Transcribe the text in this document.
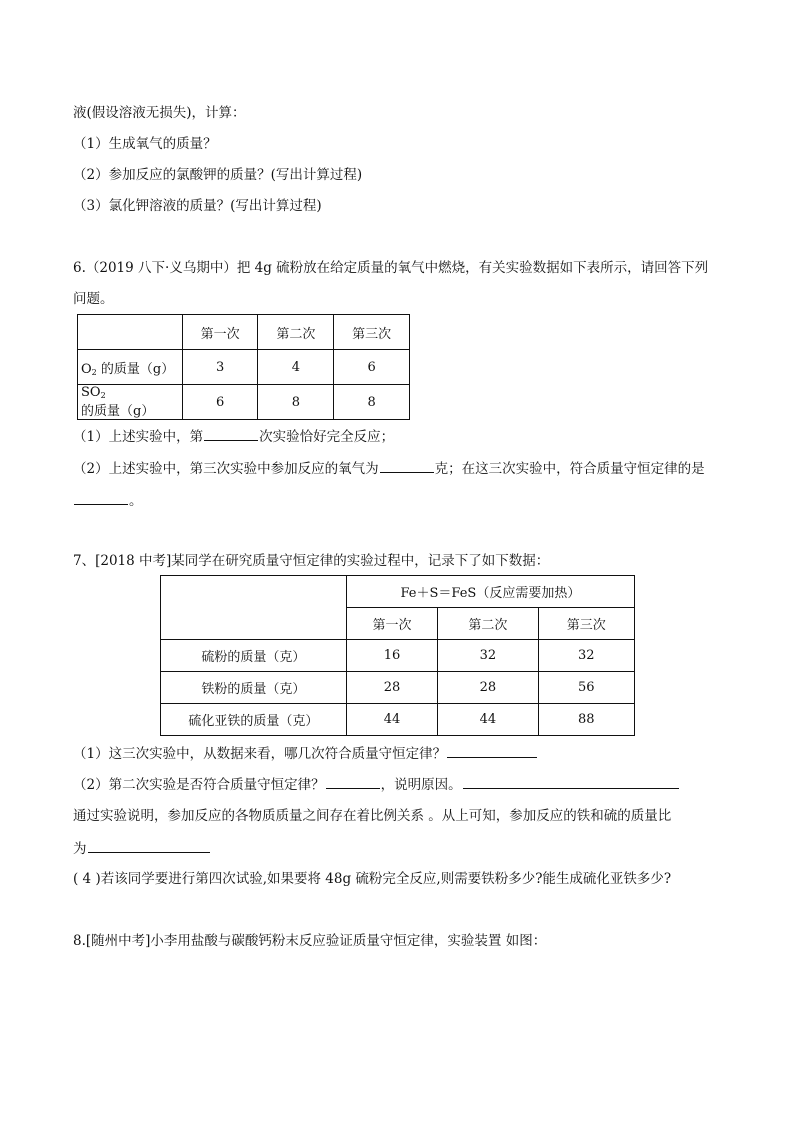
液(假设溶液无损失)，计算：
（1）生成氧气的质量？
（2）参加反应的氯酸钾的质量？(写出计算过程)
（3）氯化钾溶液的质量？(写出计算过程)
6.（2019 八下·义乌期中）把 4g 硫粉放在给定质量的氧气中燃烧，有关实验数据如下表所示，请回答下列
问题。
	第一次	第二次	第三次
$O_2$ 的质量（g）	3	4	6
$SO_2$ 的质量（g）	6	8	8
（1）上述实验中，第	次实验恰好完全反应；
（2）上述实验中，第三次实验中参加反应的氧气为	克；在这三次实验中，符合质量守恒定律的是
。
7、[2018 中考]某同学在研究质量守恒定律的实验过程中，记录下了如下数据：
	Fe＋S＝FeS（反应需要加热）		
	第一次	第二次	第三次
硫粉的质量（克）	16	32	32
铁粉的质量（克）	28	28	56
硫化亚铁的质量（克）	44	44	88
（1）这三次实验中，从数据来看，哪几次符合质量守恒定律？
（2）第二次实验是否符合质量守恒定律？	，说明原因。
通过实验说明，参加反应的各物质质量之间存在着比例关系 。从上可知，参加反应的铁和硫的质量比
为
( 4 )若该同学要进行第四次试验,如果要将 48g 硫粉完全反应,则需要铁粉多少?能生成硫化亚铁多少?
8.[随州中考]小李用盐酸与碳酸钙粉末反应验证质量守恒定律，实验装置 如图：
